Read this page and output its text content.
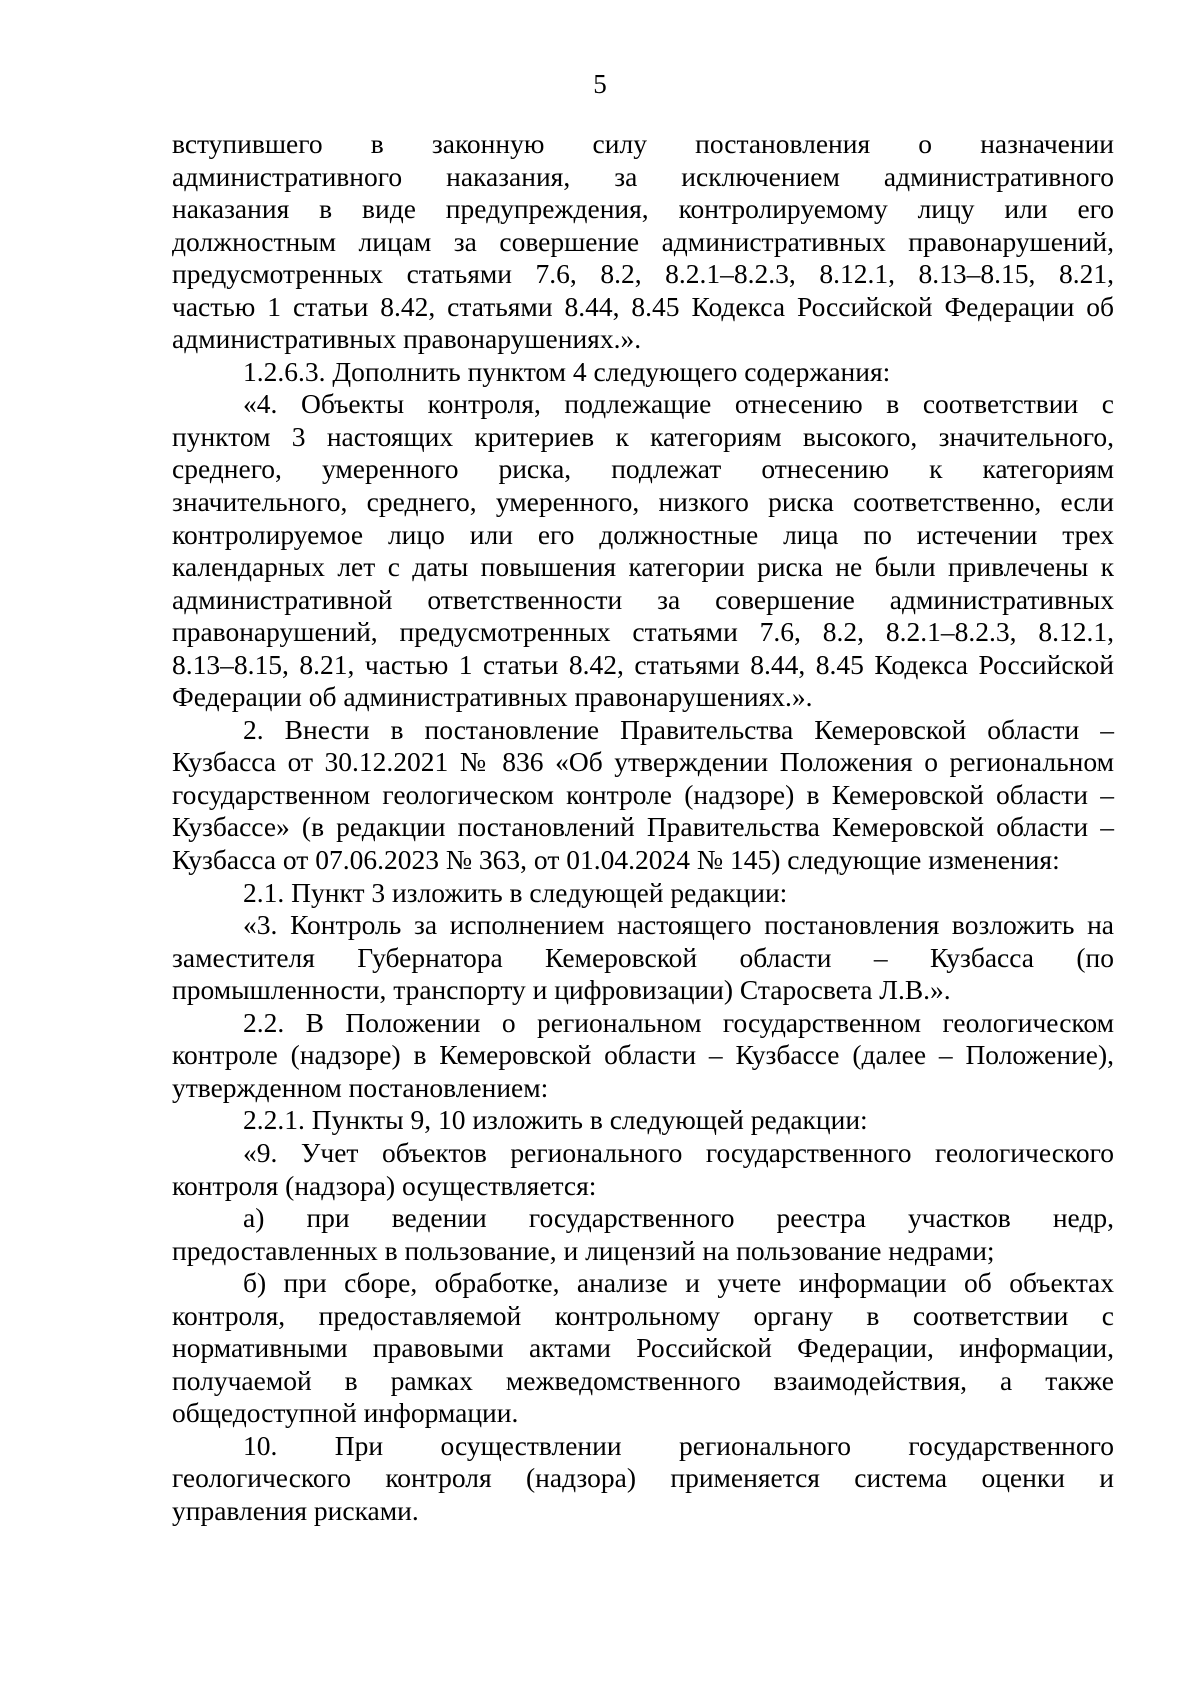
5
вступившего в законную силу постановления о назначении
административного наказания, за исключением административного
наказания в виде предупреждения, контролируемому лицу или его
должностным лицам за совершение административных правонарушений,
предусмотренных статьями 7.6, 8.2, 8.2.1–8.2.3, 8.12.1, 8.13–8.15, 8.21,
частью 1 статьи 8.42, статьями 8.44, 8.45 Кодекса Российской Федерации об
административных правонарушениях.».
1.2.6.3. Дополнить пунктом 4 следующего содержания:
«4. Объекты контроля, подлежащие отнесению в соответствии с
пунктом 3 настоящих критериев к категориям высокого, значительного,
среднего, умеренного риска, подлежат отнесению к категориям
значительного, среднего, умеренного, низкого риска соответственно, если
контролируемое лицо или его должностные лица по истечении трех
календарных лет с даты повышения категории риска не были привлечены к
административной ответственности за совершение административных
правонарушений, предусмотренных статьями 7.6, 8.2, 8.2.1–8.2.3, 8.12.1,
8.13–8.15, 8.21, частью 1 статьи 8.42, статьями 8.44, 8.45 Кодекса Российской
Федерации об административных правонарушениях.».
2. Внести в постановление Правительства Кемеровской области –
Кузбасса от 30.12.2021 № 836 «Об утверждении Положения о региональном
государственном геологическом контроле (надзоре) в Кемеровской области –
Кузбассе» (в редакции постановлений Правительства Кемеровской области –
Кузбасса от 07.06.2023 № 363, от 01.04.2024 № 145) следующие изменения:
2.1. Пункт 3 изложить в следующей редакции:
«3. Контроль за исполнением настоящего постановления возложить на
заместителя Губернатора Кемеровской области – Кузбасса (по
промышленности, транспорту и цифровизации) Старосвета Л.В.».
2.2. В Положении о региональном государственном геологическом
контроле (надзоре) в Кемеровской области – Кузбассе (далее – Положение),
утвержденном постановлением:
2.2.1. Пункты 9, 10 изложить в следующей редакции:
«9. Учет объектов регионального государственного геологического
контроля (надзора) осуществляется:
а) при ведении государственного реестра участков недр,
предоставленных в пользование, и лицензий на пользование недрами;
б) при сборе, обработке, анализе и учете информации об объектах
контроля, предоставляемой контрольному органу в соответствии с
нормативными правовыми актами Российской Федерации, информации,
получаемой в рамках межведомственного взаимодействия, а также
общедоступной информации.
10. При осуществлении регионального государственного
геологического контроля (надзора) применяется система оценки и
управления рисками.
